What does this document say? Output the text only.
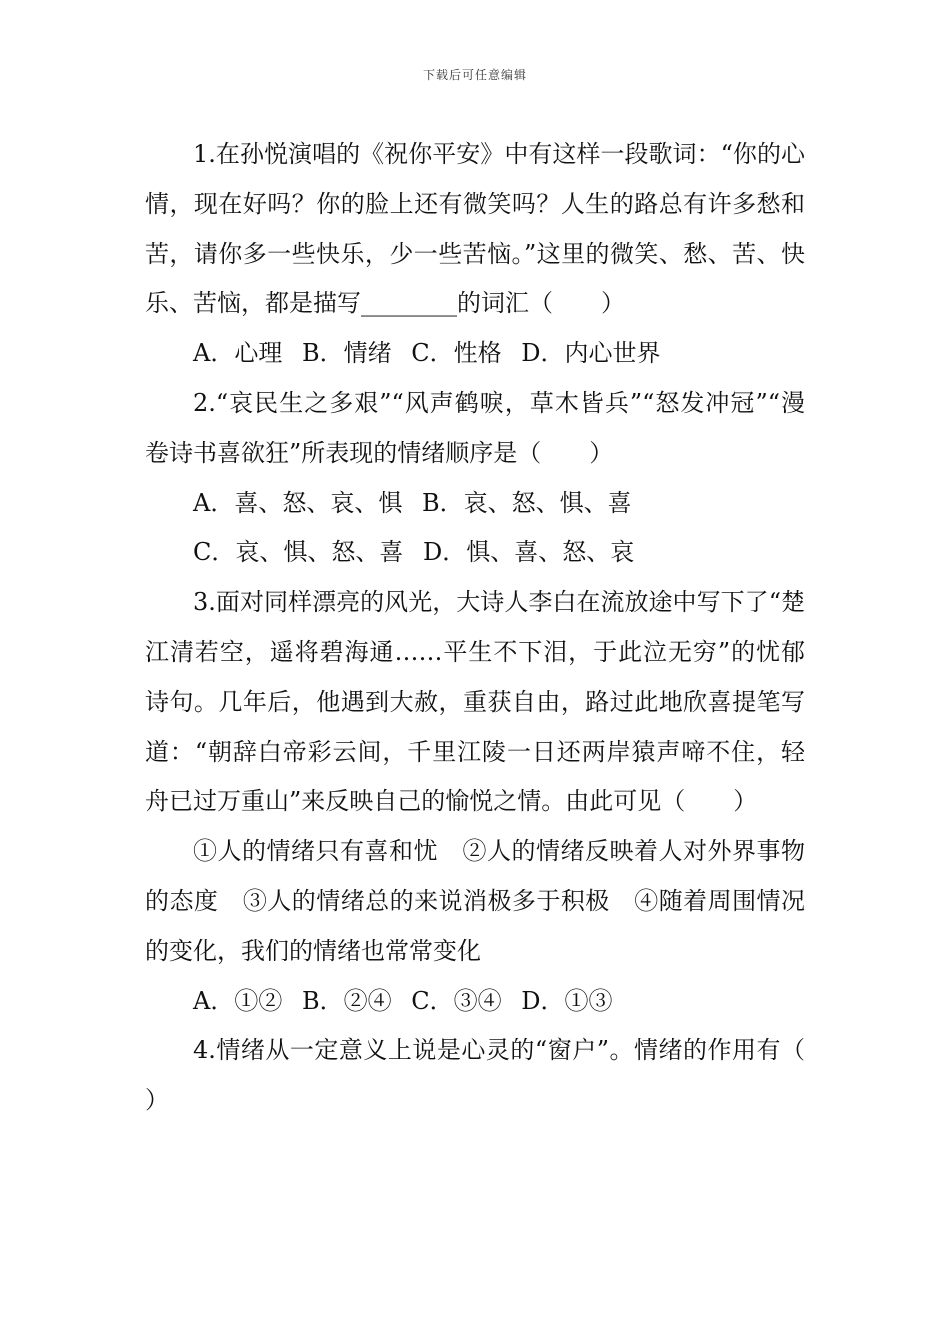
下载后可任意编辑

1.在孙悦演唱的《祝你平安》中有这样一段歌词：“你的心情，现在好吗？你的脸上还有微笑吗？人生的路总有许多愁和苦，请你多一些快乐，少一些苦恼。”这里的微笑、愁、苦、快乐、苦恼，都是描写________的词汇（　　）

A．心理 B．情绪 C．性格 D．内心世界

2.“哀民生之多艰”“风声鹤唳，草木皆兵”“怒发冲冠”“漫卷诗书喜欲狂”所表现的情绪顺序是（　　）

A．喜、怒、哀、惧 B．哀、怒、惧、喜

C．哀、惧、怒、喜 D．惧、喜、怒、哀

3.面对同样漂亮的风光，大诗人李白在流放途中写下了“楚江清若空，遥将碧海通……平生不下泪，于此泣无穷”的忧郁诗句。几年后，他遇到大赦，重获自由，路过此地欣喜提笔写道：“朝辞白帝彩云间，千里江陵一日还两岸猿声啼不住，轻舟已过万重山”来反映自己的愉悦之情。由此可见（　　）

①人的情绪只有喜和忧　②人的情绪反映着人对外界事物的态度　③人的情绪总的来说消极多于积极　④随着周围情况的变化，我们的情绪也常常变化

A．①② B．②④ C．③④ D．①③

4.情绪从一定意义上说是心灵的“窗户”。情绪的作用有（　　）
